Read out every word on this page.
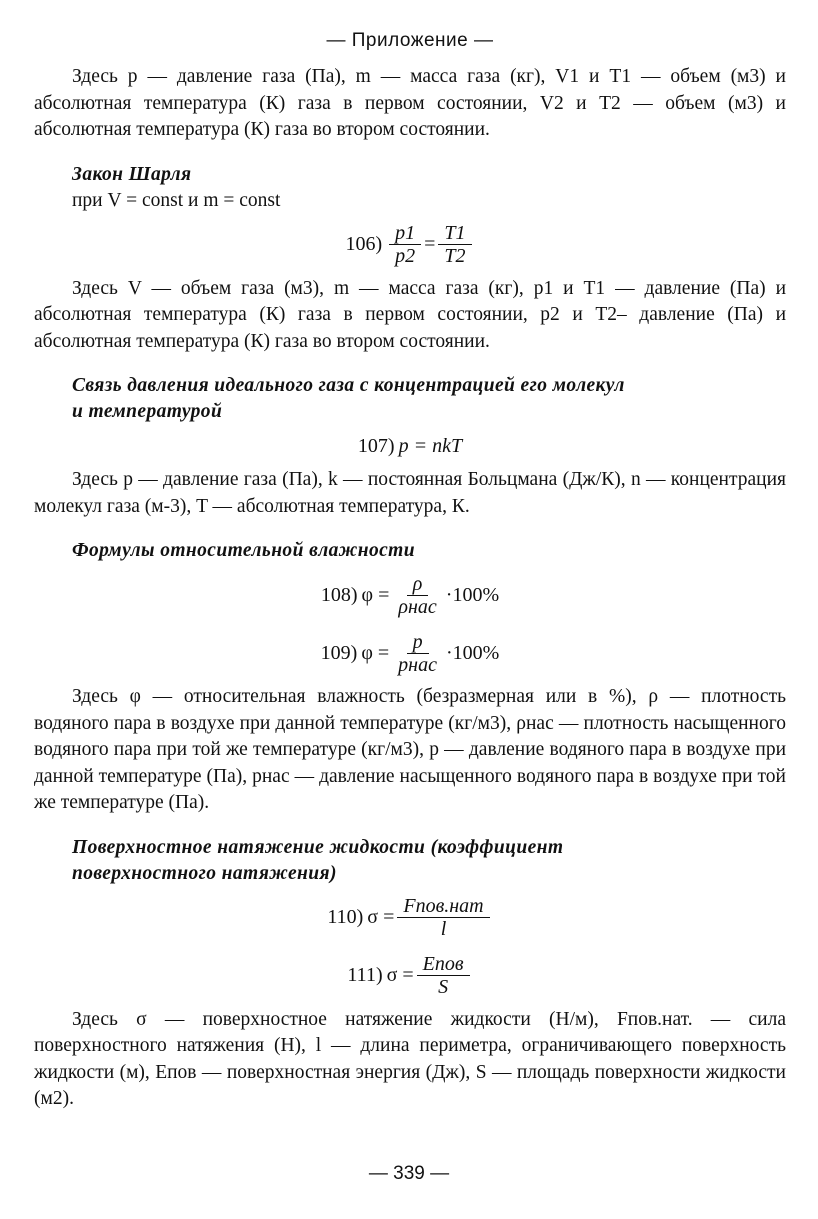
— Приложение —

Здесь p — давление газа (Па), m — масса газа (кг), V1 и T1 — объем (м3) и абсолютная температура (К) газа в первом состоянии, V2 и T2 — объем (м3) и абсолютная температура (К) газа во втором состоянии.

Закон Шарля
при V = const и m = const
$106) \frac{p1}{p2} = \frac{T1}{T2}$

Здесь V — объем газа (м3), m — масса газа (кг), p1 и T1 — давление (Па) и абсолютная температура (К) газа в первом состоянии, p2 и T2– давление (Па) и абсолютная температура (К) газа во втором состоянии.

Связь давления идеального газа с концентрацией его молекул
и температурой
107) p = nkT

Здесь p — давление газа (Па), k — постоянная Больцмана (Дж/К), n — концентрация молекул газа (м-3), T — абсолютная температура, К.

Формулы относительной влажности
108) $\varphi = \frac{\rho}{\text{ρнас}} \cdot 100\%$
109) $\varphi = \frac{p}{\text{pнас}} \cdot 100\%$

Здесь φ — относительная влажность (безразмерная или в %), ρ — плотность водяного пара в воздухе при данной температуре (кг/м3), ρнас — плотность насыщенного водяного пара при той же температуре (кг/м3), p — давление водяного пара в воздухе при данной температуре (Па), pнас — давление насыщенного водяного пара в воздухе при той же температуре (Па).

Поверхностное натяжение жидкости (коэффициент
поверхностного натяжения)
110) $\sigma = \frac{\text{Fпов.нат}}{l}$
111) $\sigma = \frac{\text{Eпов}}{S}$

Здесь σ — поверхностное натяжение жидкости (Н/м), Fпов.нат. — сила поверхностного натяжения (Н), l — длина периметра, ограничивающего поверхность жидкости (м), Eпов — поверхностная энергия (Дж), S — площадь поверхности жидкости (м2).

— 339 —
